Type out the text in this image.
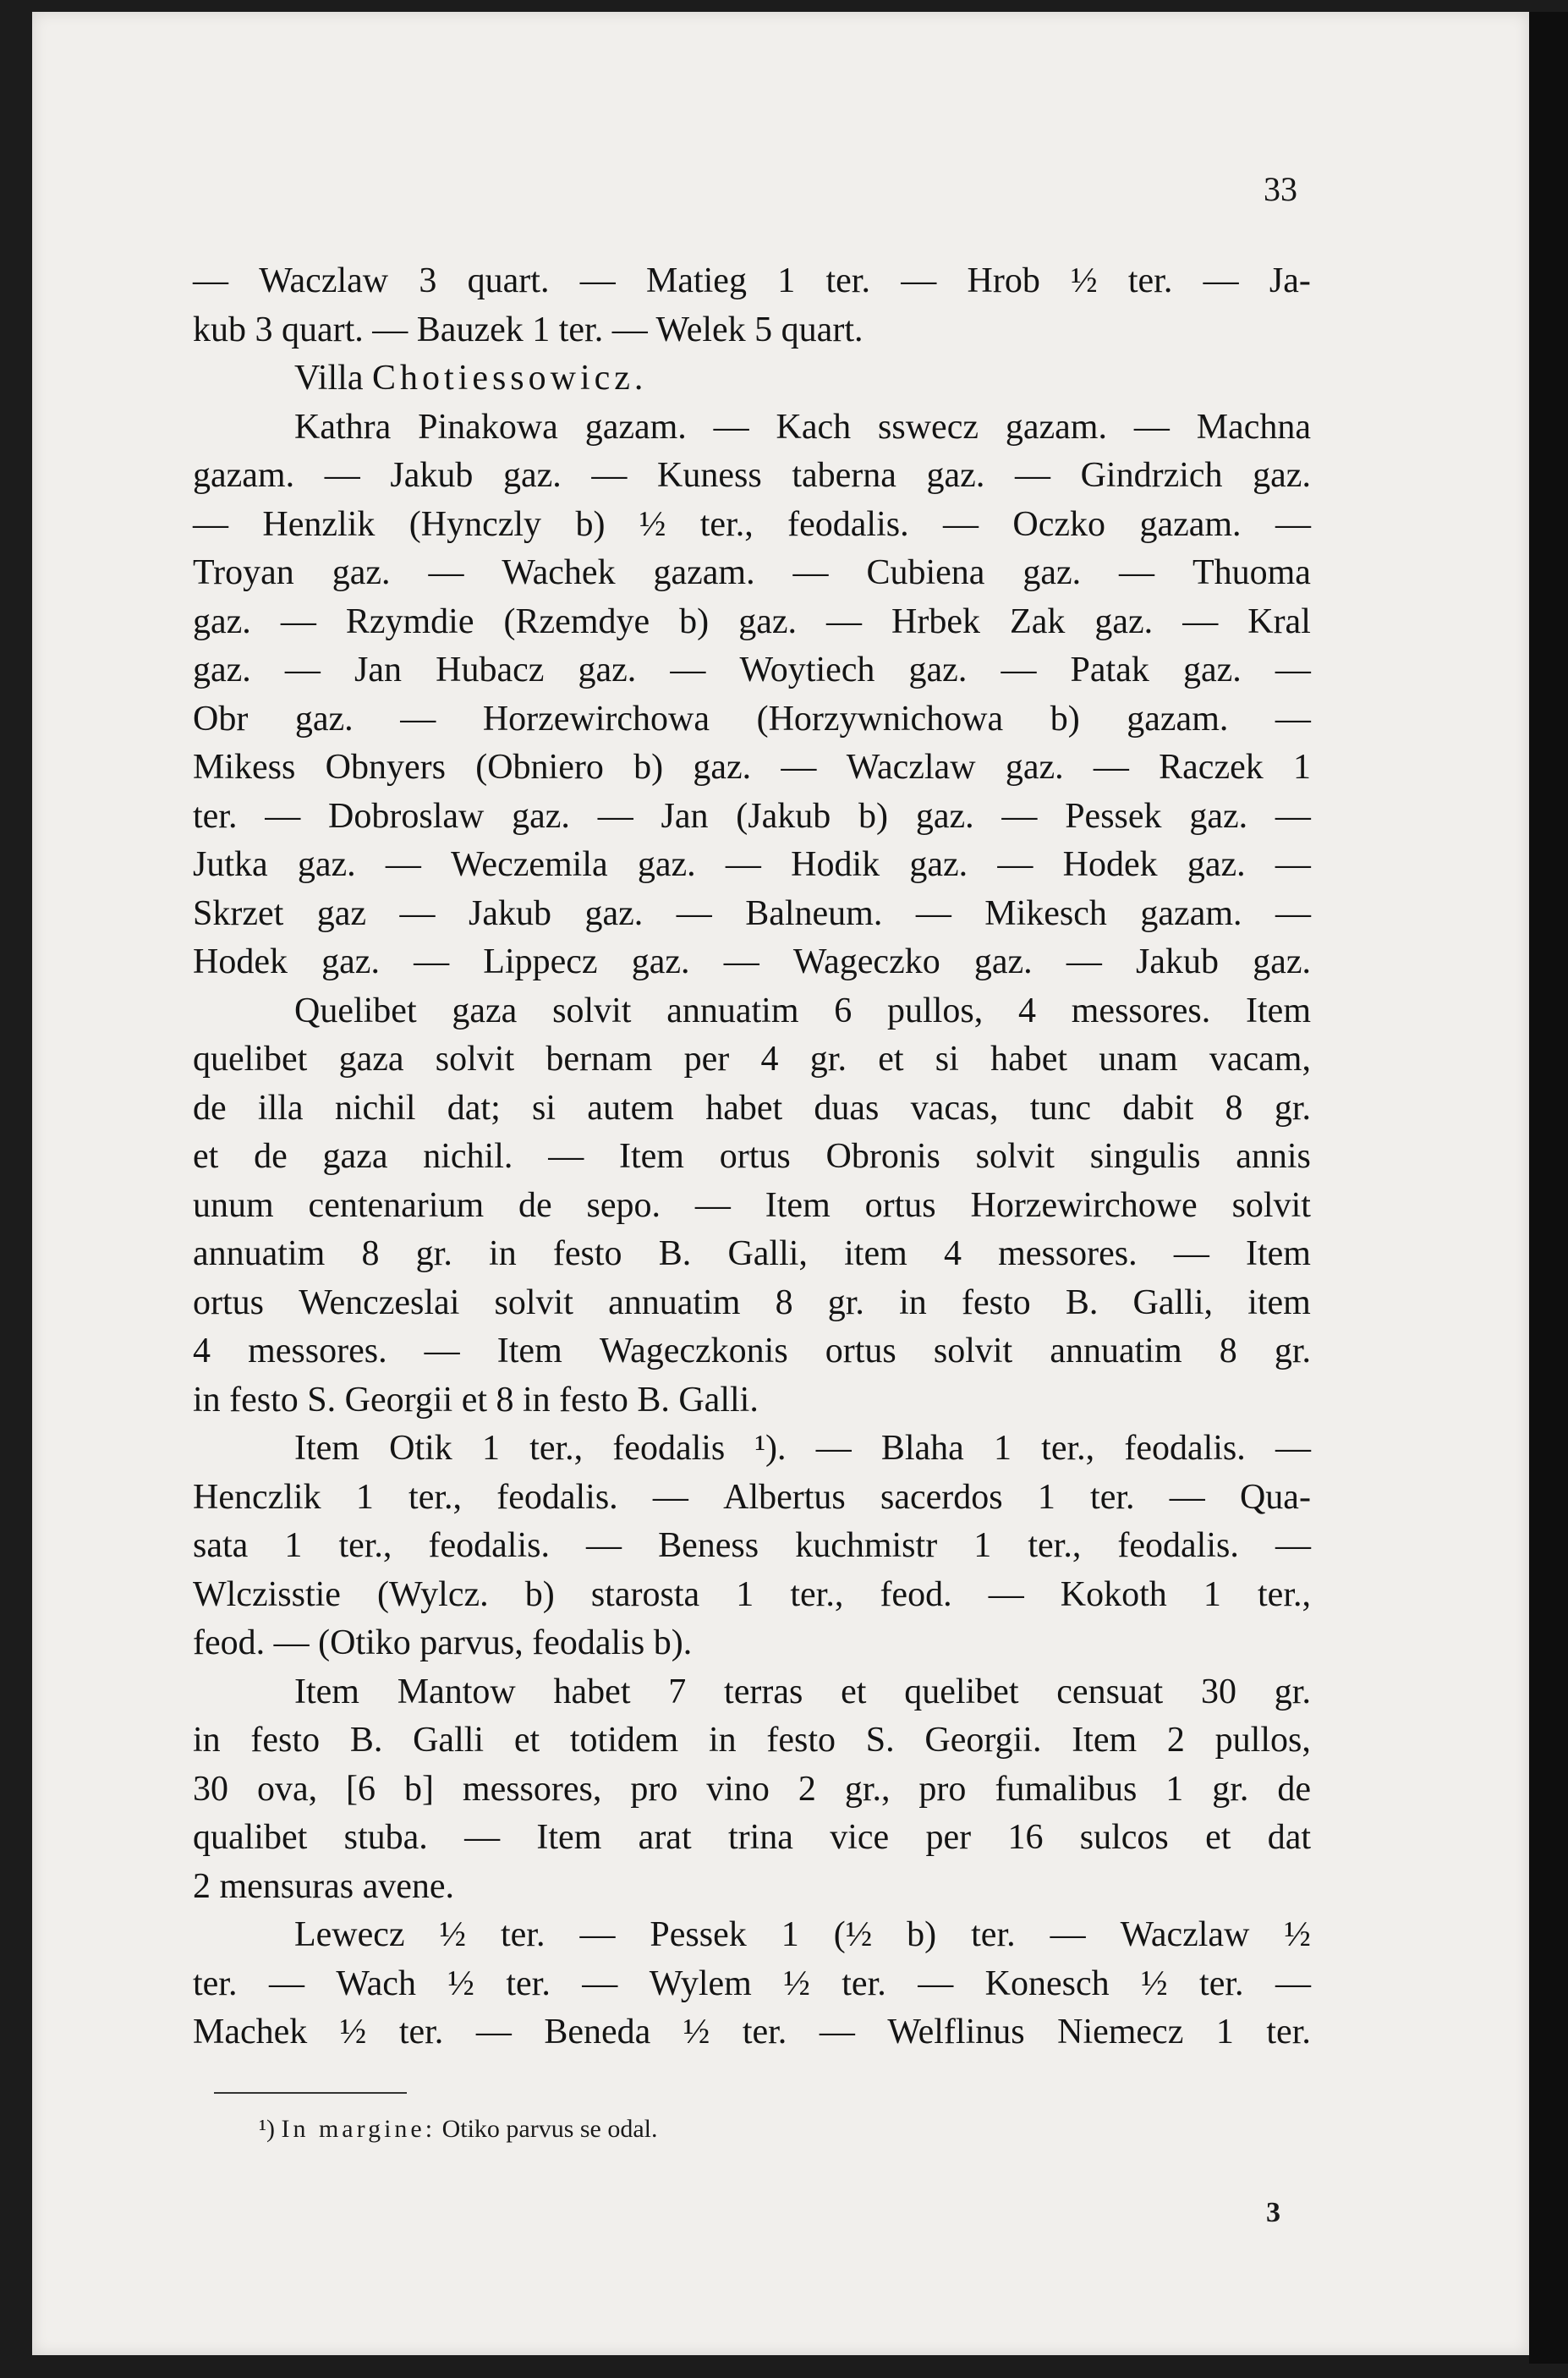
33
— Waczlaw 3 quart. — Matieg 1 ter. — Hrob ½ ter. — Ja-
kub 3 quart. — Bauzek 1 ter. — Welek 5 quart.
Villa Chotiessowicz.
Kathra Pinakowa gazam. — Kach sswecz gazam. — Machna
gazam. — Jakub gaz. — Kuness taberna gaz. — Gindrzich gaz.
— Henzlik (Hynczly b) ½ ter., feodalis. — Oczko gazam. —
Troyan gaz. — Wachek gazam. — Cubiena gaz. — Thuoma
gaz. — Rzymdie (Rzemdye b) gaz. — Hrbek Zak gaz. — Kral
gaz. — Jan Hubacz gaz. — Woytiech gaz. — Patak gaz. —
Obr gaz. — Horzewirchowa (Horzywnichowa b) gazam. —
Mikess Obnyers (Obniero b) gaz. — Waczlaw gaz. — Raczek 1
ter. — Dobroslaw gaz. — Jan (Jakub b) gaz. — Pessek gaz. —
Jutka gaz. — Weczemila gaz. — Hodik gaz. — Hodek gaz. —
Skrzet gaz — Jakub gaz. — Balneum. — Mikesch gazam. —
Hodek gaz. — Lippecz gaz. — Wageczko gaz. — Jakub gaz.
Quelibet gaza solvit annuatim 6 pullos, 4 messores. Item
quelibet gaza solvit bernam per 4 gr. et si habet unam vacam,
de illa nichil dat; si autem habet duas vacas, tunc dabit 8 gr.
et de gaza nichil. — Item ortus Obronis solvit singulis annis
unum centenarium de sepo. — Item ortus Horzewirchowe solvit
annuatim 8 gr. in festo B. Galli, item 4 messores. — Item
ortus Wenczeslai solvit annuatim 8 gr. in festo B. Galli, item
4 messores. — Item Wageczkonis ortus solvit annuatim 8 gr.
in festo S. Georgii et 8 in festo B. Galli.
Item Otik 1 ter., feodalis ¹). — Blaha 1 ter., feodalis. —
Henczlik 1 ter., feodalis. — Albertus sacerdos 1 ter. — Qua-
sata 1 ter., feodalis. — Beness kuchmistr 1 ter., feodalis. —
Wlczisstie (Wylcz. b) starosta 1 ter., feod. — Kokoth 1 ter.,
feod. — (Otiko parvus, feodalis b).
Item Mantow habet 7 terras et quelibet censuat 30 gr.
in festo B. Galli et totidem in festo S. Georgii. Item 2 pullos,
30 ova, [6 b] messores, pro vino 2 gr., pro fumalibus 1 gr. de
qualibet stuba. — Item arat trina vice per 16 sulcos et dat
2 mensuras avene.
Lewecz ½ ter. — Pessek 1 (½ b) ter. — Waczlaw ½
ter. — Wach ½ ter. — Wylem ½ ter. — Konesch ½ ter. —
Machek ½ ter. — Beneda ½ ter. — Welflinus Niemecz 1 ter.
¹) In margine: Otiko parvus se odal.
3
